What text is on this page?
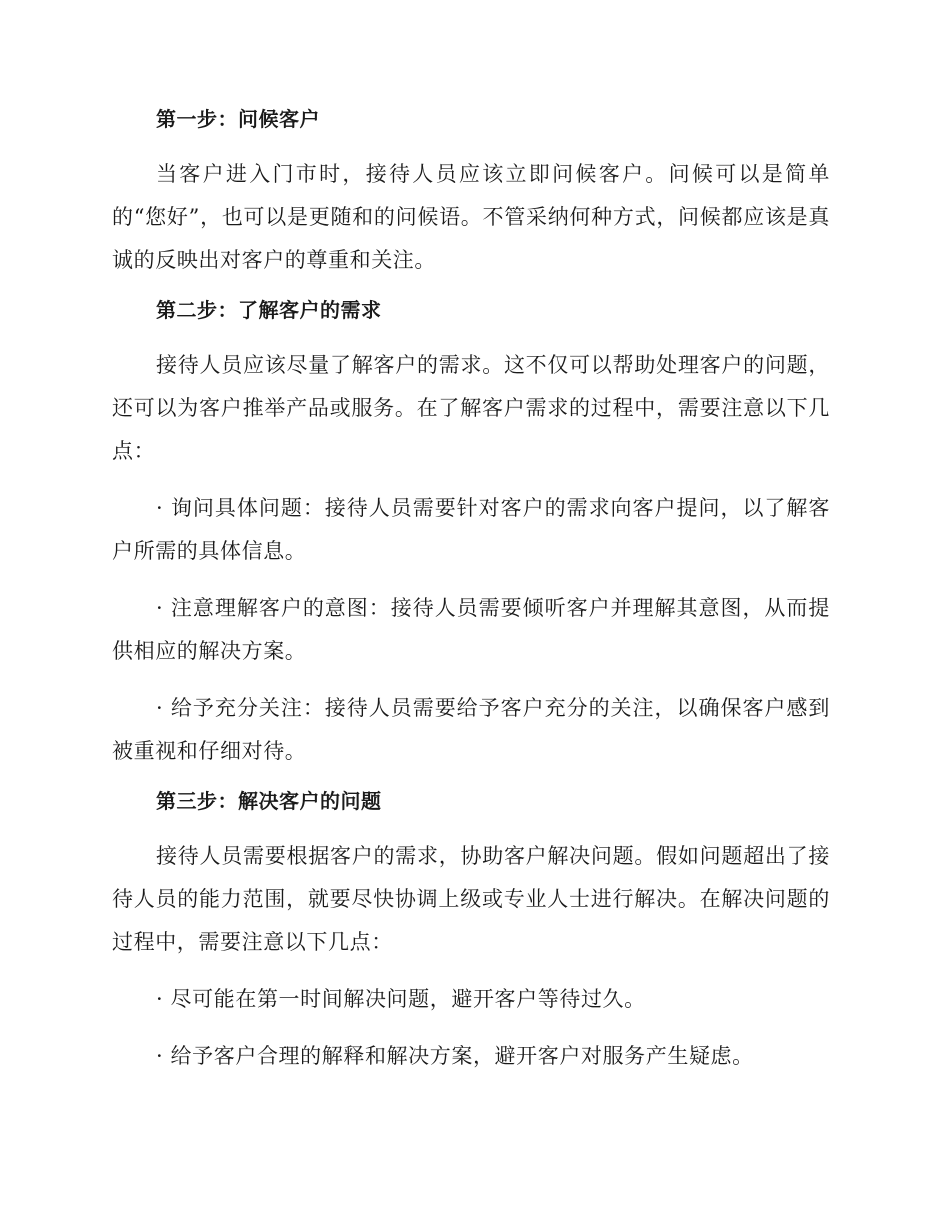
第一步：问候客户

当客户进入门市时，接待人员应该立即问候客户。问候可以是简单的“您好”，也可以是更随和的问候语。不管采纳何种方式，问候都应该是真诚的反映出对客户的尊重和关注。

第二步：了解客户的需求

接待人员应该尽量了解客户的需求。这不仅可以帮助处理客户的问题，还可以为客户推举产品或服务。在了解客户需求的过程中，需要注意以下几点：

· 询问具体问题：接待人员需要针对客户的需求向客户提问，以了解客户所需的具体信息。

· 注意理解客户的意图：接待人员需要倾听客户并理解其意图，从而提供相应的解决方案。

· 给予充分关注：接待人员需要给予客户充分的关注，以确保客户感到被重视和仔细对待。

第三步：解决客户的问题

接待人员需要根据客户的需求，协助客户解决问题。假如问题超出了接待人员的能力范围，就要尽快协调上级或专业人士进行解决。在解决问题的过程中，需要注意以下几点：

· 尽可能在第一时间解决问题，避开客户等待过久。

· 给予客户合理的解释和解决方案，避开客户对服务产生疑虑。
